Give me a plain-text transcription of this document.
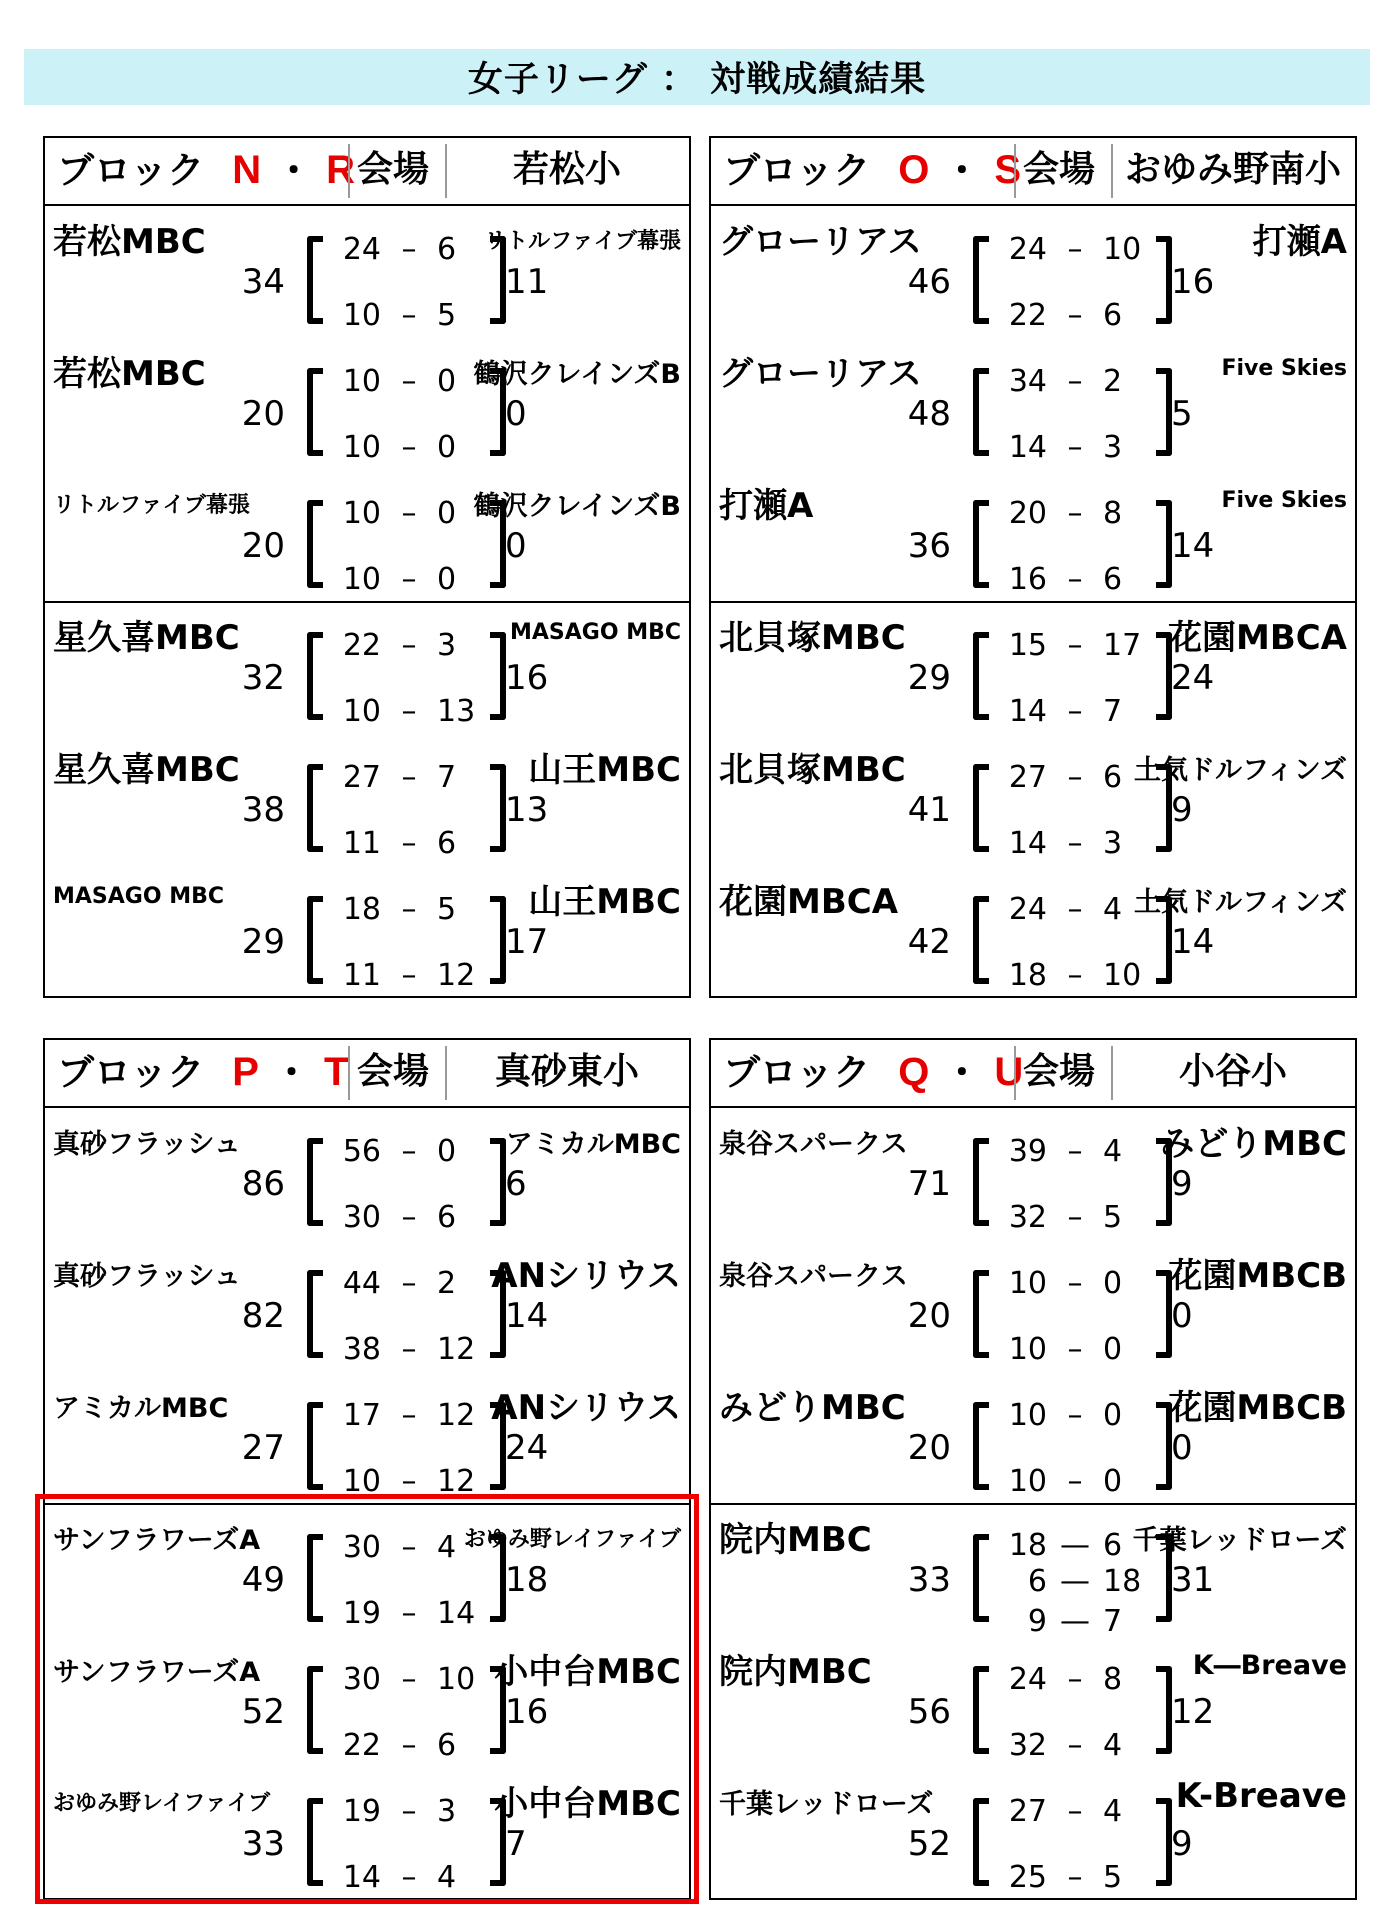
女子リーグ ： 対戦成績結果
ブロック N ・ R 会場	若松小
若松MBC	リトルファイブ幕張
34	11
24 – 6
10 – 5
若松MBC	鶴沢クレインズB
20	0
10 – 0
10 – 0
リトルファイブ幕張	鶴沢クレインズB
20	0
10 – 0
10 – 0
星久喜MBC	MASAGO MBC
32	16
22 – 3
10 – 13
星久喜MBC	山王MBC
38	13
27 – 7
11 – 6
MASAGO MBC	山王MBC
29	17
18 – 5
11 – 12
ブロック O ・ S 会場 おゆみ野南小
グローリアス	打瀬A
46	16
24 – 10
22 – 6
グローリアス	Five Skies
48	5
34 – 2
14 – 3
打瀬A	Five Skies
36	14
20 – 8
16 – 6
北貝塚MBC	花園MBCA
29	24
15 – 17
14 – 7
北貝塚MBC	土気ドルフィンズ
41	9
27 – 6
14 – 3
花園MBCA	土気ドルフィンズ
42	14
24 – 4
18 – 10
ブロック P ・ T 会場	真砂東小
真砂フラッシュ	アミカルMBC
86	6
56 – 0
30 – 6
真砂フラッシュ	ANシリウス
82	14
44 – 2
38 – 12
アミカルMBC	ANシリウス
27	24
17 – 12
10 – 12
サンフラワーズA	おゆみ野レイファイブ
49	18
30 – 4
19 – 14
サンフラワーズA	小中台MBC
52	16
30 – 10
22 – 6
おゆみ野レイファイブ	小中台MBC
33	7
19 – 3
14 – 4
ブロック Q ・ U 会場	小谷小
泉谷スパークス	みどりMBC
71	9
39 – 4
32 – 5
泉谷スパークス	花園MBCB
20	0
10 – 0
10 – 0
みどりMBC	花園MBCB
20	0
10 – 0
10 – 0
院内MBC	千葉レッドローズ
33	31
18 — 6
6 — 18
9 — 7
院内MBC	K―Breave
56	12
24 – 8
32 – 4
千葉レッドローズ	K-Breave
52	9
27 – 4
25 – 5
